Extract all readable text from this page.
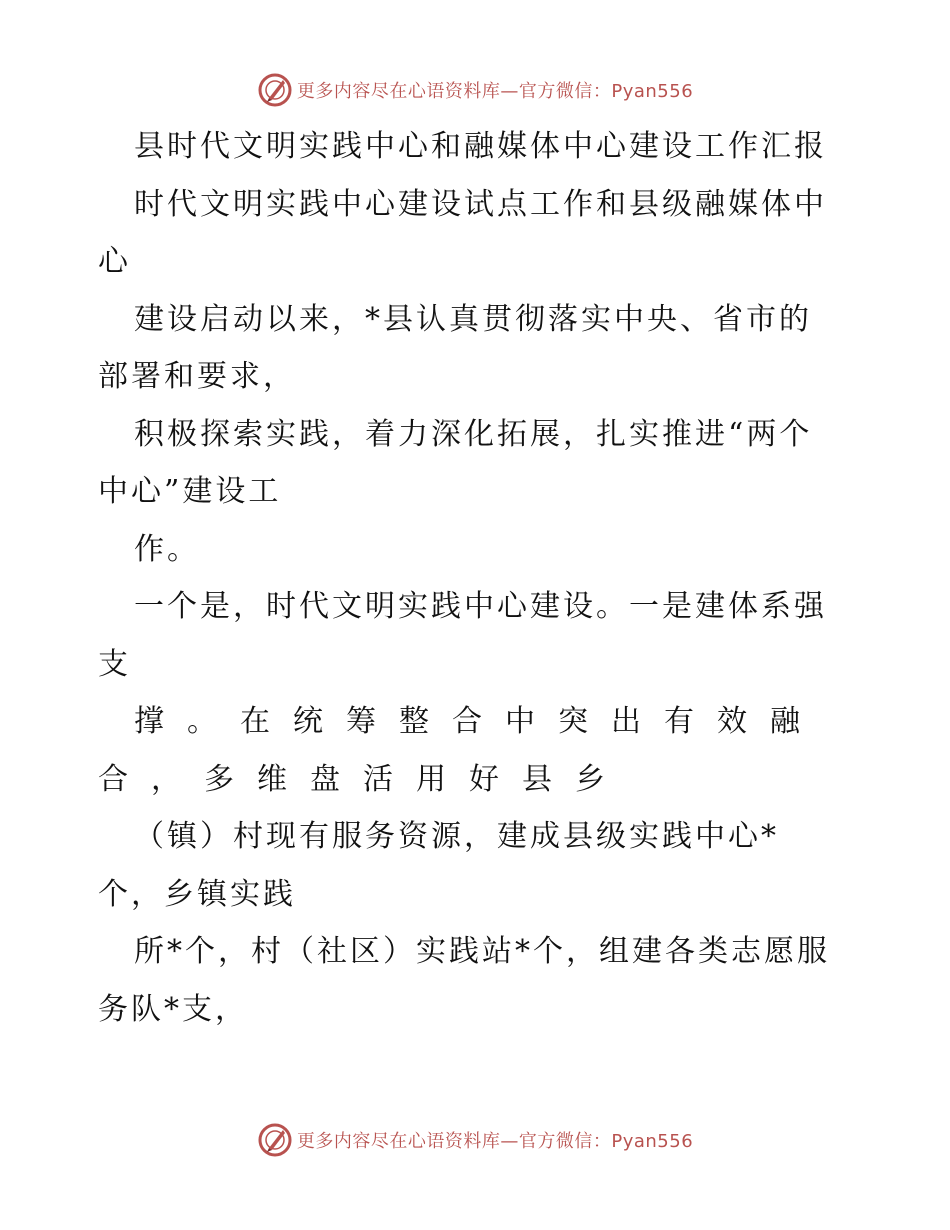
更多内容尽在心语资料库—官方微信：Pyan556
县时代文明实践中心和融媒体中心建设工作汇报
时代文明实践中心建设试点工作和县级融媒体中
心
建设启动以来，*县认真贯彻落实中央、省市的
部署和要求，
积极探索实践，着力深化拓展，扎实推进“两个
中心”建设工
作。
一个是，时代文明实践中心建设。一是建体系强
支
撑。在统筹整合中突出有效融
合，多维盘活用好县乡
（镇）村现有服务资源，建成县级实践中心*
个，乡镇实践
所*个，村（社区）实践站*个，组建各类志愿服
务队*支，
更多内容尽在心语资料库—官方微信：Pyan556
